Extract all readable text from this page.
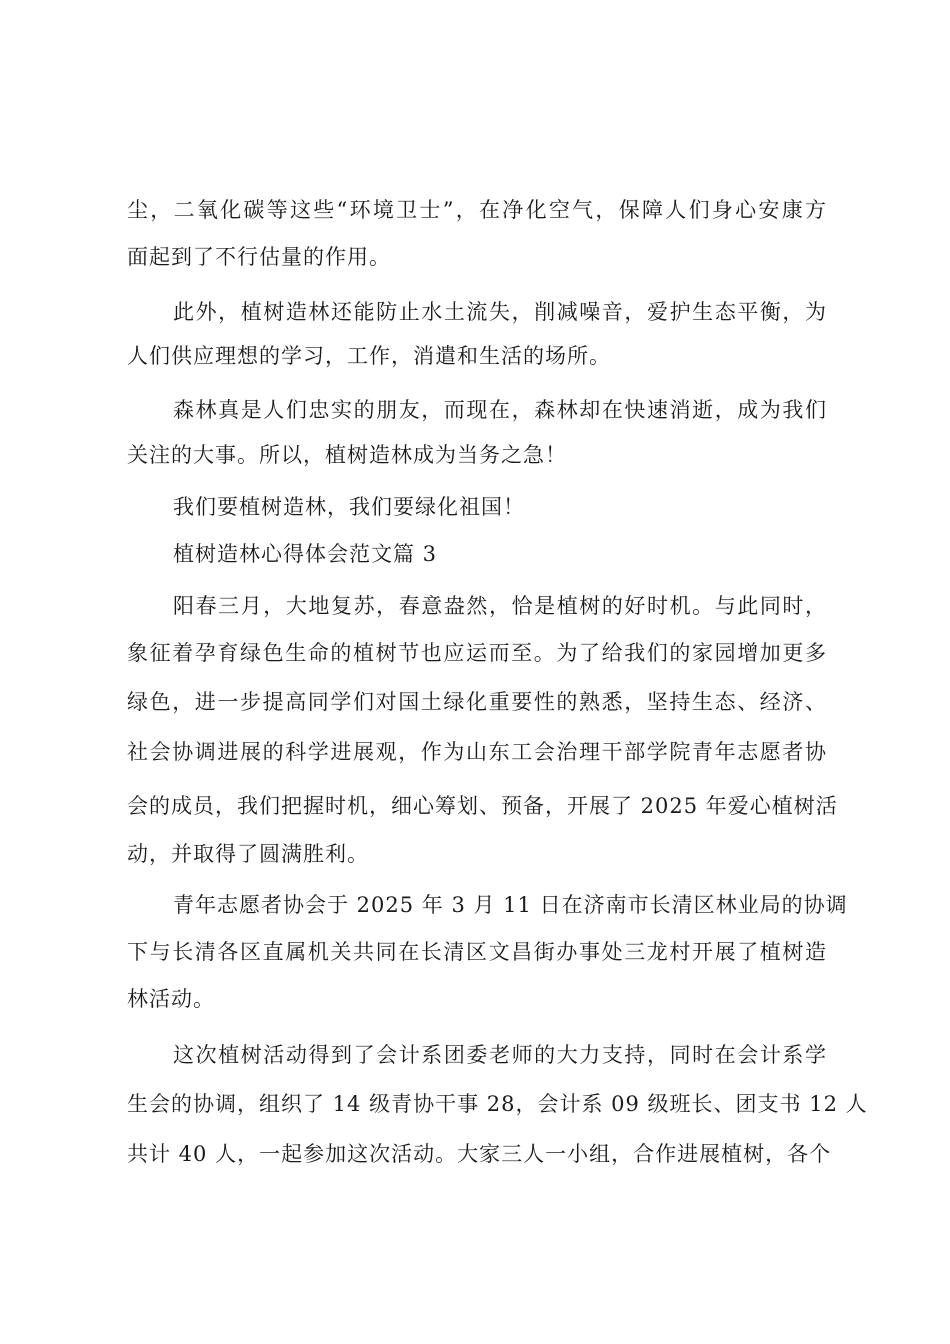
尘，二氧化碳等这些“环境卫士”，在净化空气，保障人们身心安康方
面起到了不行估量的作用。
此外，植树造林还能防止水土流失，削减噪音，爱护生态平衡，为
人们供应理想的学习，工作，消遣和生活的场所。
森林真是人们忠实的朋友，而现在，森林却在快速消逝，成为我们
关注的大事。所以，植树造林成为当务之急！
我们要植树造林，我们要绿化祖国！
植树造林心得体会范文篇 3
阳春三月，大地复苏，春意盎然，恰是植树的好时机。与此同时，
象征着孕育绿色生命的植树节也应运而至。为了给我们的家园增加更多
绿色，进一步提高同学们对国土绿化重要性的熟悉，坚持生态、经济、
社会协调进展的科学进展观，作为山东工会治理干部学院青年志愿者协
会的成员，我们把握时机，细心筹划、预备，开展了 2025 年爱心植树活
动，并取得了圆满胜利。
青年志愿者协会于 2025 年 3 月 11 日在济南市长清区林业局的协调
下与长清各区直属机关共同在长清区文昌街办事处三龙村开展了植树造
林活动。
这次植树活动得到了会计系团委老师的大力支持，同时在会计系学
生会的协调，组织了 14 级青协干事 28，会计系 09 级班长、团支书 12 人
共计 40 人，一起参加这次活动。大家三人一小组，合作进展植树，各个
